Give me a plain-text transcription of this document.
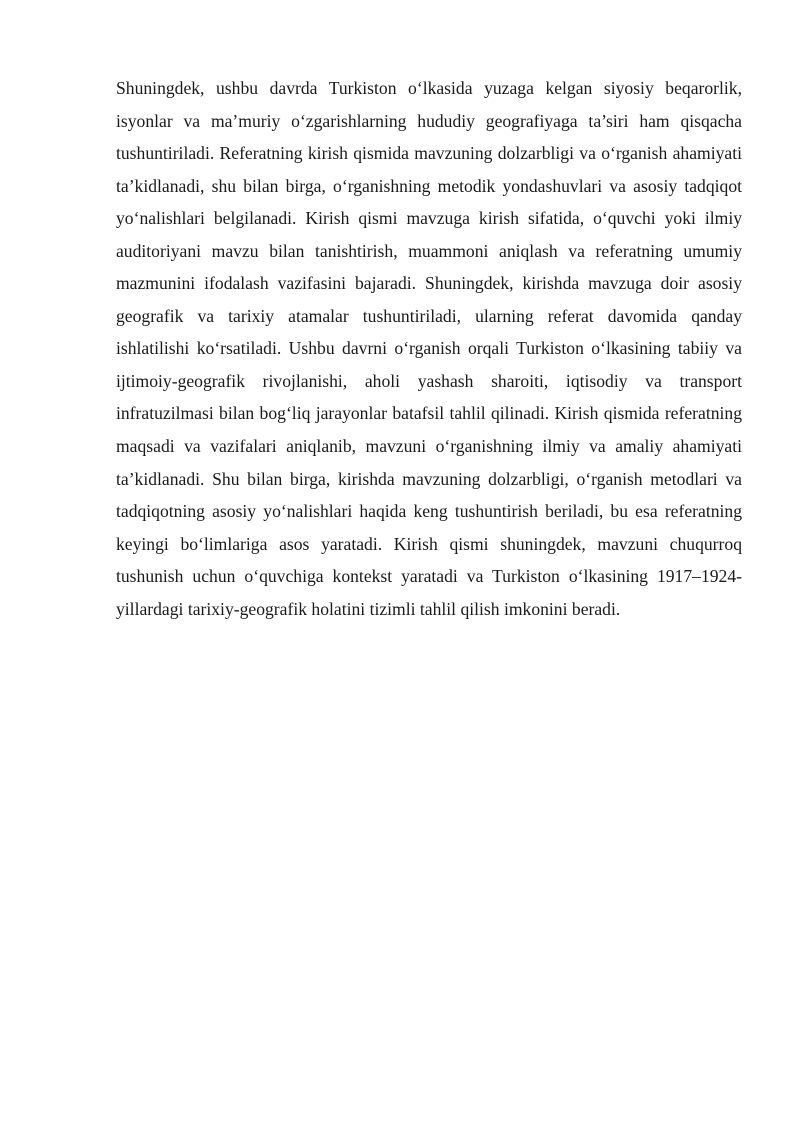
Shuningdek, ushbu davrda Turkiston o‘lkasida yuzaga kelgan siyosiy beqarorlik, isyonlar va ma’muriy o‘zgarishlarning hududiy geografiyaga ta’siri ham qisqacha tushuntiriladi. Referatning kirish qismida mavzuning dolzarbligi va o‘rganish ahamiyati ta’kidlanadi, shu bilan birga, o‘rganishning metodik yondashuvlari va asosiy tadqiqot yo‘nalishlari belgilanadi. Kirish qismi mavzuga kirish sifatida, o‘quvchi yoki ilmiy auditoriyani mavzu bilan tanishtirish, muammoni aniqlash va referatning umumiy mazmunini ifodalash vazifasini bajaradi. Shuningdek, kirishda mavzuga doir asosiy geografik va tarixiy atamalar tushuntiriladi, ularning referat davomida qanday ishlatilishi ko‘rsatiladi. Ushbu davrni o‘rganish orqali Turkiston o‘lkasining tabiiy va ijtimoiy-geografik rivojlanishi, aholi yashash sharoiti, iqtisodiy va transport infratuzilmasi bilan bog‘liq jarayonlar batafsil tahlil qilinadi. Kirish qismida referatning maqsadi va vazifalari aniqlanib, mavzuni o‘rganishning ilmiy va amaliy ahamiyati ta’kidlanadi. Shu bilan birga, kirishda mavzuning dolzarbligi, o‘rganish metodlari va tadqiqotning asosiy yo‘nalishlari haqida keng tushuntirish beriladi, bu esa referatning keyingi bo‘limlariga asos yaratadi. Kirish qismi shuningdek, mavzuni chuqurroq tushunish uchun o‘quvchiga kontekst yaratadi va Turkiston o‘lkasining 1917–1924-yillardagi tarixiy-geografik holatini tizimli tahlil qilish imkonini beradi.
